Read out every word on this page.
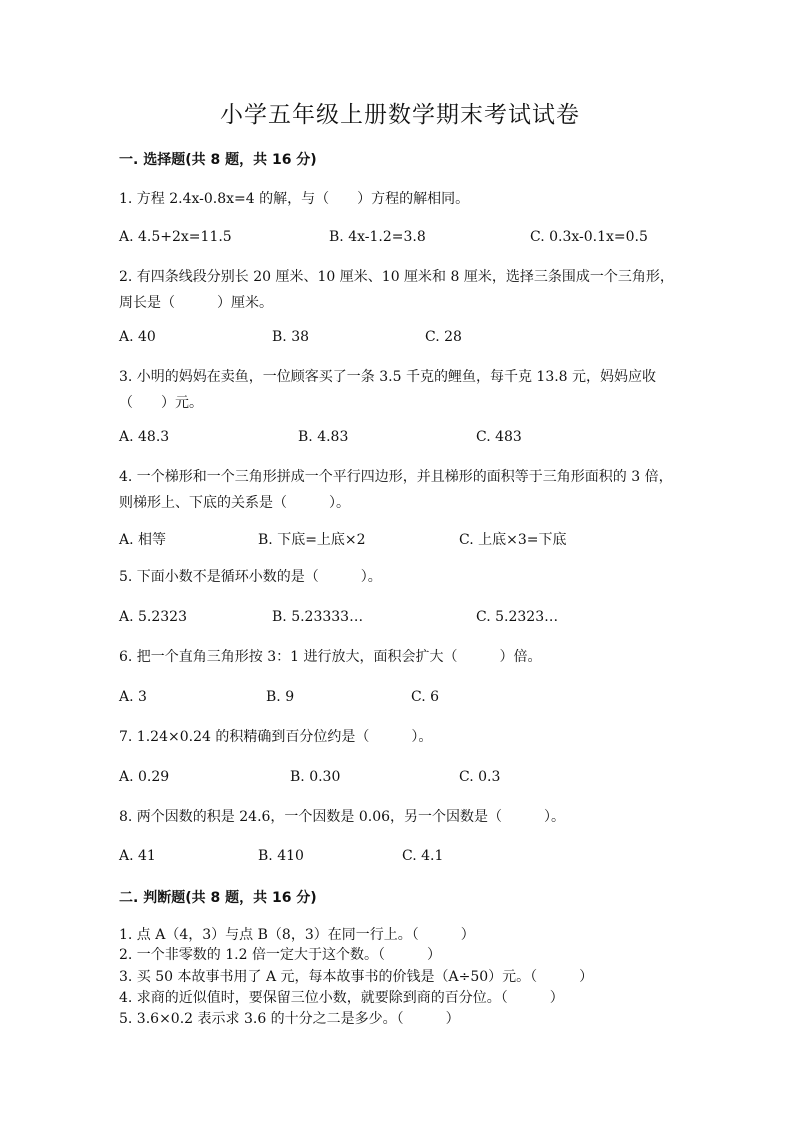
小学五年级上册数学期末考试试卷
一. 选择题(共 8 题，共 16 分)
1. 方程 2.4x-0.8x=4 的解，与（　　）方程的解相同。
A. 4.5+2x=11.5	B. 4x-1.2=3.8	C. 0.3x-0.1x=0.5
2. 有四条线段分别长 20 厘米、10 厘米、10 厘米和 8 厘米，选择三条围成一个三角形，周长是（　　　）厘米。
A. 40	B. 38	C. 28
3. 小明的妈妈在卖鱼，一位顾客买了一条 3.5 千克的鲤鱼，每千克 13.8 元，妈妈应收（　　）元。
A. 48.3	B. 4.83	C. 483
4. 一个梯形和一个三角形拼成一个平行四边形，并且梯形的面积等于三角形面积的 3 倍，则梯形上、下底的关系是（　　　）。
A. 相等	B. 下底=上底×2	C. 上底×3=下底
5. 下面小数不是循环小数的是（　　　）。
A. 5.2323	B. 5.23333…	C. 5.2323…
6. 把一个直角三角形按 3：1 进行放大，面积会扩大（　　　）倍。
A. 3	B. 9	C. 6
7. 1.24×0.24 的积精确到百分位约是（　　　）。
A. 0.29	B. 0.30	C. 0.3
8. 两个因数的积是 24.6，一个因数是 0.06，另一个因数是（　　　）。
A. 41	B. 410	C. 4.1
二. 判断题(共 8 题，共 16 分)
1. 点 A（4，3）与点 B（8，3）在同一行上。（　　　）
2. 一个非零数的 1.2 倍一定大于这个数。（　　　）
3. 买 50 本故事书用了 A 元，每本故事书的价钱是（A÷50）元。（　　　）
4. 求商的近似值时，要保留三位小数，就要除到商的百分位。（　　　）
5. 3.6×0.2 表示求 3.6 的十分之二是多少。（　　　）
